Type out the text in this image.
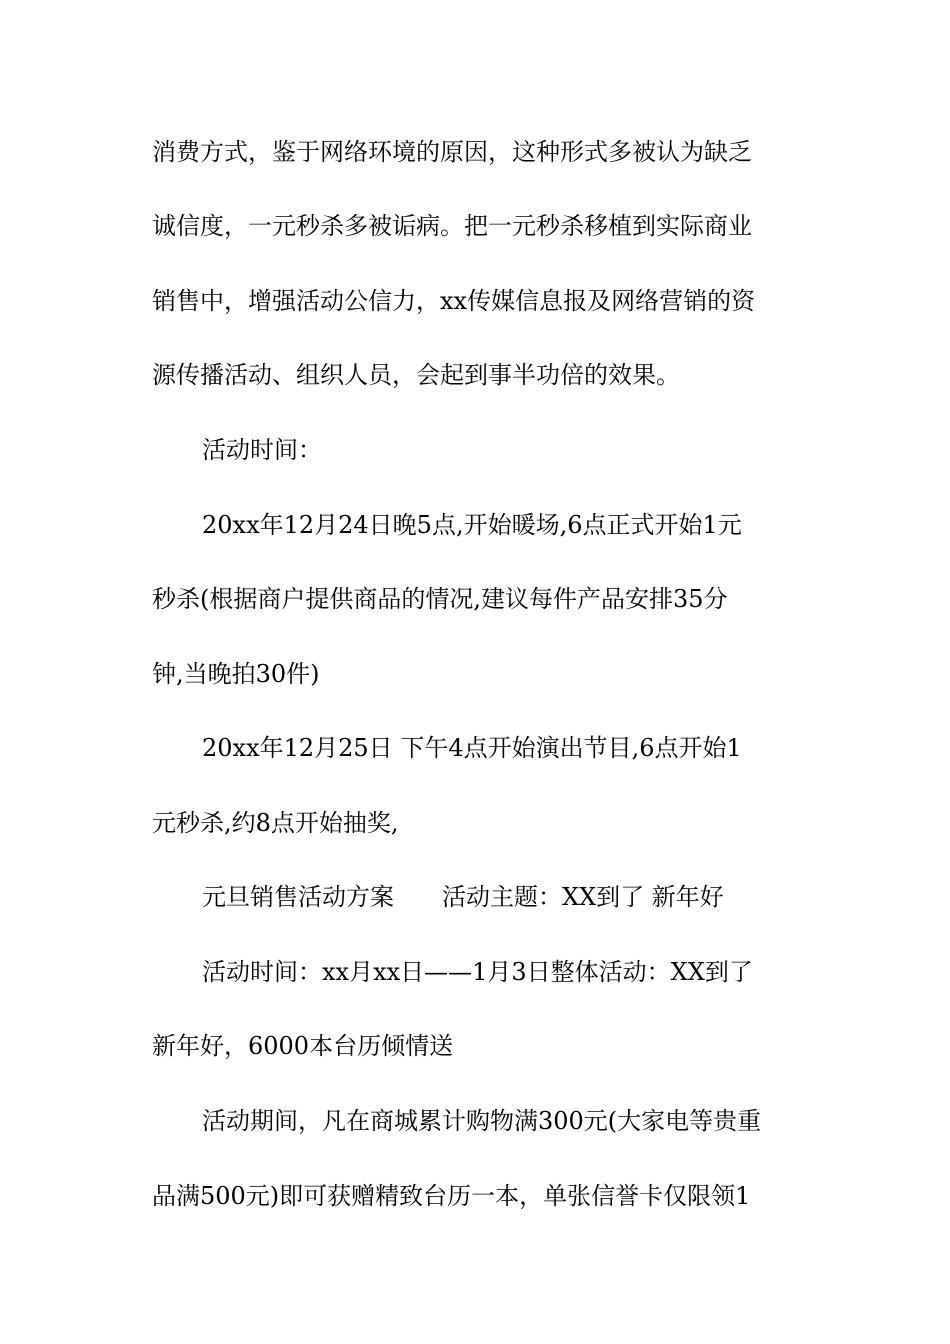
消费方式，鉴于网络环境的原因，这种形式多被认为缺乏
诚信度，一元秒杀多被诟病。把一元秒杀移植到实际商业
销售中，增强活动公信力，xx传媒信息报及网络营销的资
源传播活动、组织人员，会起到事半功倍的效果。
活动时间：
20xx年12月24日晚5点,开始暖场,6点正式开始1元
秒杀(根据商户提供商品的情况,建议每件产品安排35分
钟,当晚拍30件)
20xx年12月25日 下午4点开始演出节目,6点开始1
元秒杀,约8点开始抽奖,
元旦销售活动方案　　活动主题：XX到了 新年好
活动时间：xx月xx日——1月3日整体活动：XX到了
新年好，6000本台历倾情送
活动期间，凡在商城累计购物满300元(大家电等贵重
品满500元)即可获赠精致台历一本，单张信誉卡仅限领1
